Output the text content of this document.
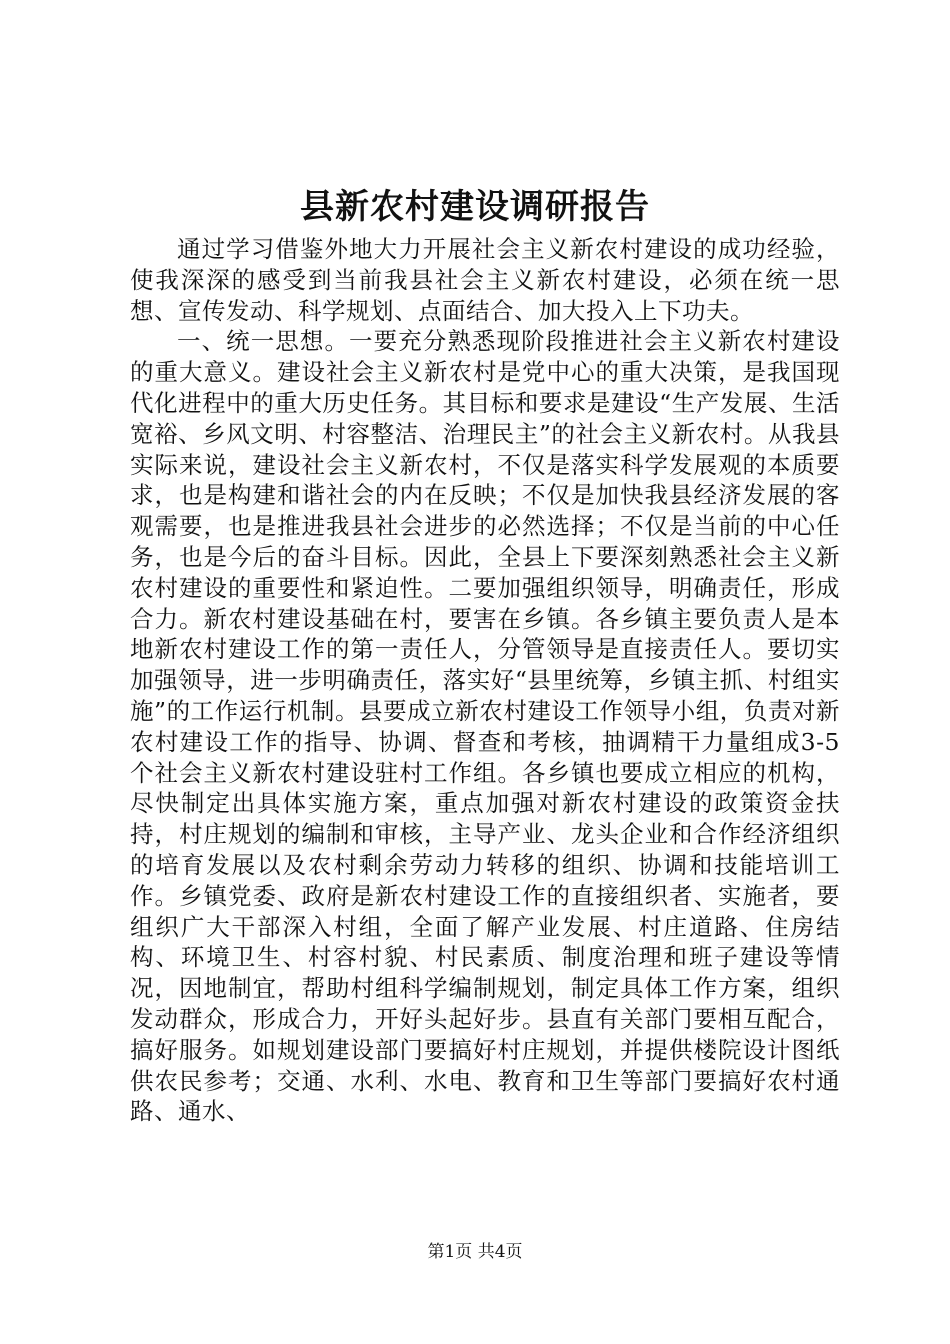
县新农村建设调研报告

通过学习借鉴外地大力开展社会主义新农村建设的成功经验，使我深深的感受到当前我县社会主义新农村建设，必须在统一思想、宣传发动、科学规划、点面结合、加大投入上下功夫。

一、统一思想。一要充分熟悉现阶段推进社会主义新农村建设的重大意义。建设社会主义新农村是党中心的重大决策，是我国现代化进程中的重大历史任务。其目标和要求是建设“生产发展、生活宽裕、乡风文明、村容整洁、治理民主”的社会主义新农村。从我县实际来说，建设社会主义新农村，不仅是落实科学发展观的本质要求，也是构建和谐社会的内在反映；不仅是加快我县经济发展的客观需要，也是推进我县社会进步的必然选择；不仅是当前的中心任务，也是今后的奋斗目标。因此，全县上下要深刻熟悉社会主义新农村建设的重要性和紧迫性。二要加强组织领导，明确责任，形成合力。新农村建设基础在村，要害在乡镇。各乡镇主要负责人是本地新农村建设工作的第一责任人，分管领导是直接责任人。要切实加强领导，进一步明确责任，落实好“县里统筹，乡镇主抓、村组实施”的工作运行机制。县要成立新农村建设工作领导小组，负责对新农村建设工作的指导、协调、督查和考核，抽调精干力量组成3-5个社会主义新农村建设驻村工作组。各乡镇也要成立相应的机构，尽快制定出具体实施方案，重点加强对新农村建设的政策资金扶持，村庄规划的编制和审核，主导产业、龙头企业和合作经济组织的培育发展以及农村剩余劳动力转移的组织、协调和技能培训工作。乡镇党委、政府是新农村建设工作的直接组织者、实施者，要组织广大干部深入村组，全面了解产业发展、村庄道路、住房结构、环境卫生、村容村貌、村民素质、制度治理和班子建设等情况，因地制宜，帮助村组科学编制规划，制定具体工作方案，组织发动群众，形成合力，开好头起好步。县直有关部门要相互配合，搞好服务。如规划建设部门要搞好村庄规划，并提供楼院设计图纸供农民参考；交通、水利、水电、教育和卫生等部门要搞好农村通路、通水、

第1页 共4页
